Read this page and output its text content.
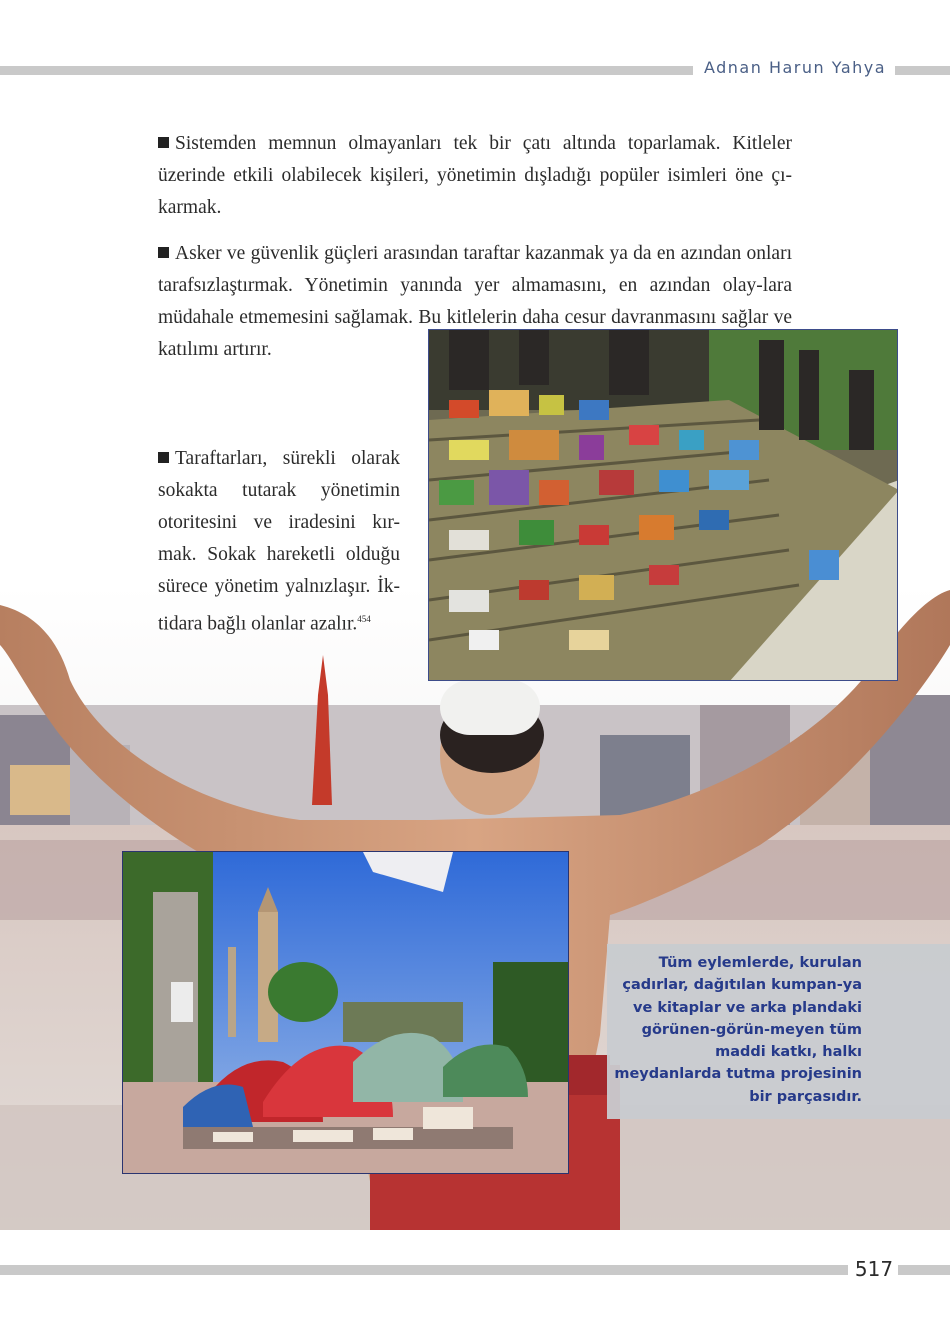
Adnan Harun Yahya

Sistemden memnun olmayanları tek bir çatı altında toparlamak. Kitleler üzerinde etkili olabilecek kişileri, yönetimin dışladığı popüler isimleri öne çı-karmak.

Asker ve güvenlik güçleri arasından taraftar kazanmak ya da en azından onları tarafsızlaştırmak. Yönetimin yanında yer almamasını, en azından olay-lara müdahale etmemesini sağlamak. Bu kitlelerin daha cesur davranmasını sağlar ve katılımı artırır.

Taraftarları, sürekli olarak sokakta tutarak yönetimin otoritesini ve iradesini kır-mak. Sokak hareketli olduğu sürece yönetim yalnızlaşır. İk-tidara bağlı olanlar azalır.$^{454}$

Tüm eylemlerde, kurulan çadırlar, dağıtılan kumpan-ya ve kitaplar ve arka plandaki görünen-görün-meyen tüm maddi katkı, halkı meydanlarda tutma projesinin bir parçasıdır.

517
